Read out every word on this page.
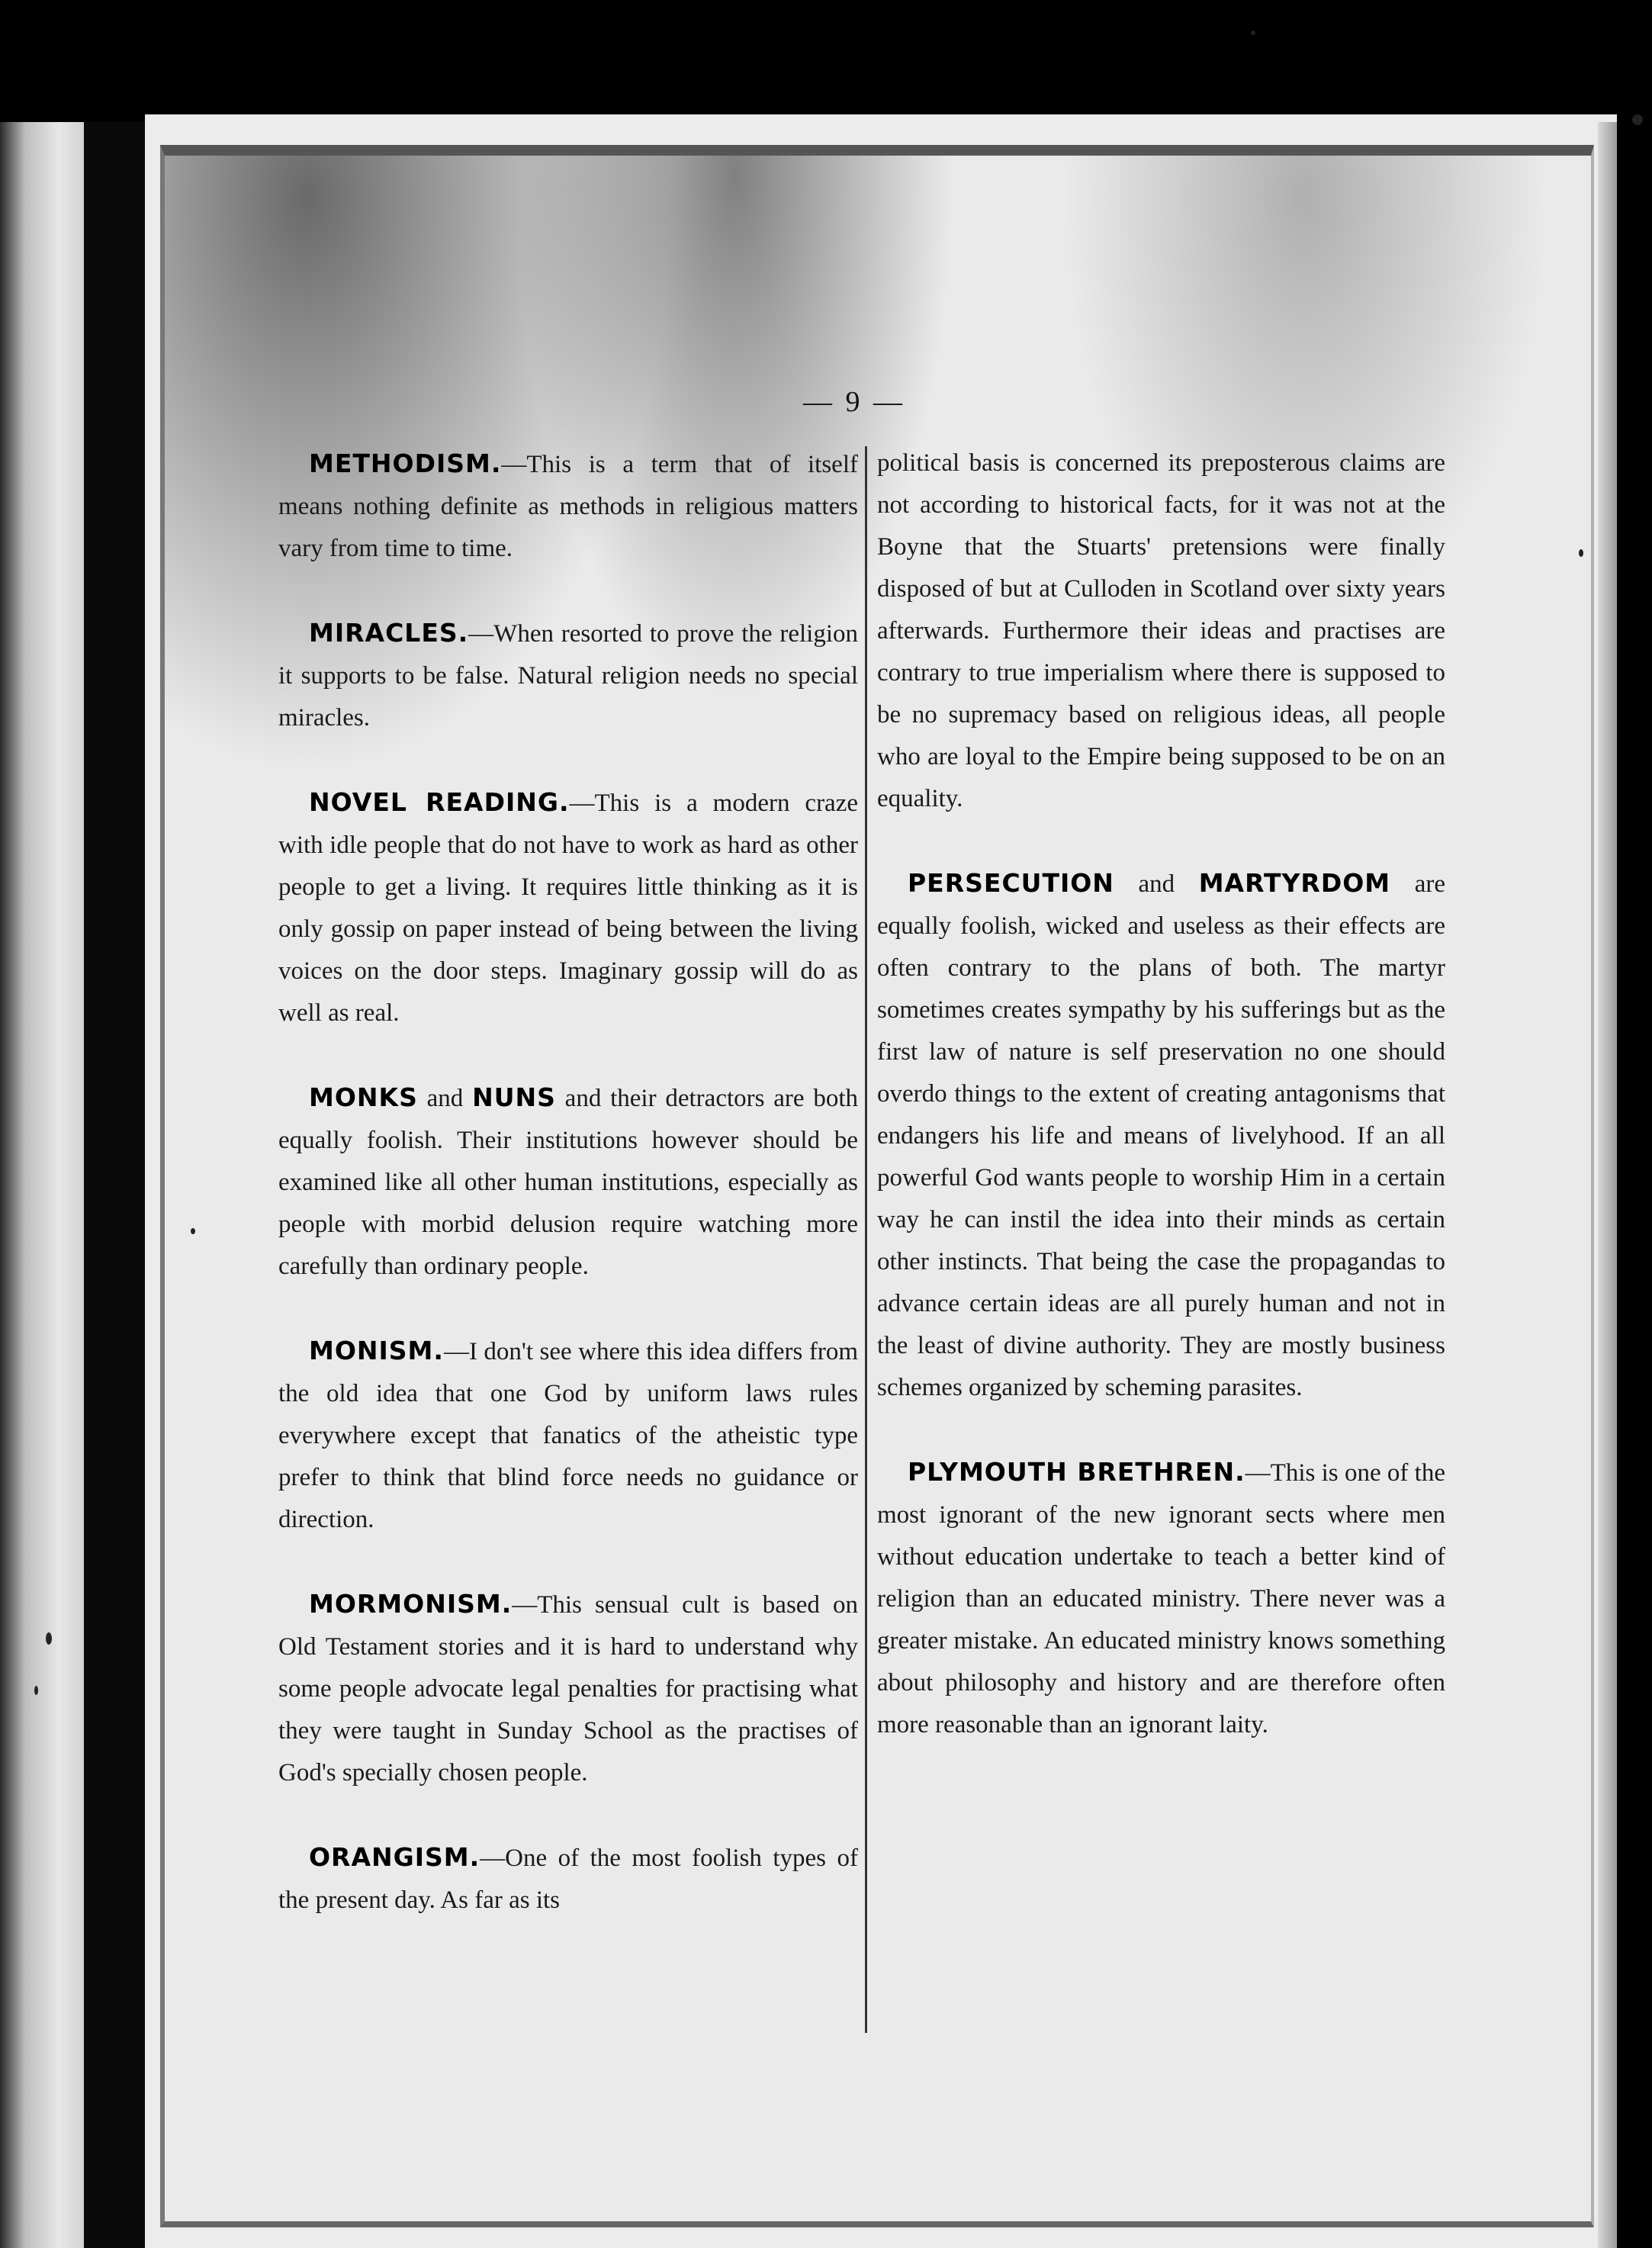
— 9 —

METHODISM.—This is a term that of itself means nothing definite as methods in religious matters vary from time to time.

MIRACLES.—When resorted to prove the religion it supports to be false. Natural religion needs no special miracles.

NOVEL READING.—This is a modern craze with idle people that do not have to work as hard as other people to get a living. It requires little thinking as it is only gossip on paper instead of being between the living voices on the door steps. Imaginary gossip will do as well as real.

MONKS and NUNS and their detractors are both equally foolish. Their institutions however should be examined like all other human institutions, especially as people with morbid delusion require watching more carefully than ordinary people.

MONISM.—I don't see where this idea differs from the old idea that one God by uniform laws rules everywhere except that fanatics of the atheistic type prefer to think that blind force needs no guidance or direction.

MORMONISM.—This sensual cult is based on Old Testament stories and it is hard to understand why some people advocate legal penalties for practising what they were taught in Sunday School as the practises of God's specially chosen people.

ORANGISM.—One of the most foolish types of the present day. As far as its

political basis is concerned its preposterous claims are not according to historical facts, for it was not at the Boyne that the Stuarts' pretensions were finally disposed of but at Culloden in Scotland over sixty years afterwards. Furthermore their ideas and practises are contrary to true imperialism where there is supposed to be no supremacy based on religious ideas, all people who are loyal to the Empire being supposed to be on an equality.

PERSECUTION and MARTYRDOM are equally foolish, wicked and useless as their effects are often contrary to the plans of both. The martyr sometimes creates sympathy by his sufferings but as the first law of nature is self preservation no one should overdo things to the extent of creating antagonisms that endangers his life and means of livelyhood. If an all powerful God wants people to worship Him in a certain way he can instil the idea into their minds as certain other instincts. That being the case the propagandas to advance certain ideas are all purely human and not in the least of divine authority. They are mostly business schemes organized by scheming parasites.

PLYMOUTH BRETHREN.—This is one of the most ignorant of the new ignorant sects where men without education undertake to teach a better kind of religion than an educated ministry. There never was a greater mistake. An educated ministry knows something about philosophy and history and are therefore often more reasonable than an ignorant laity.
